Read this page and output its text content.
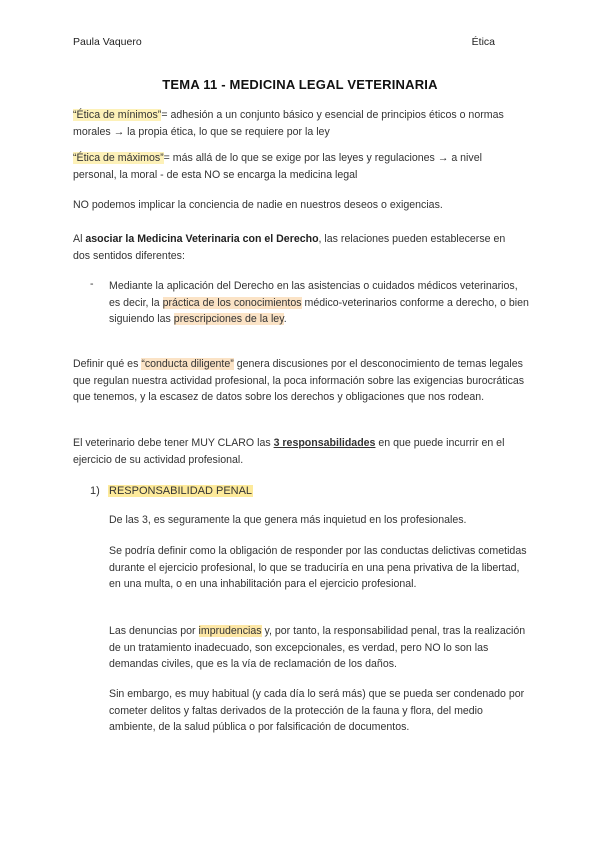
Paula Vaquero	Ética
TEMA 11 - MEDICINA LEGAL VETERINARIA
“Ética de mínimos”= adhesión a un conjunto básico y esencial de principios éticos o normas morales → la propia ética, lo que se requiere por la ley
“Ética de máximos”= más allá de lo que se exige por las leyes y regulaciones → a nivel personal, la moral - de esta NO se encarga la medicina legal
NO podemos implicar la conciencia de nadie en nuestros deseos o exigencias.
Al asociar la Medicina Veterinaria con el Derecho, las relaciones pueden establecerse en dos sentidos diferentes:
- Mediante la aplicación del Derecho en las asistencias o cuidados médicos veterinarios, es decir, la práctica de los conocimientos médico-veterinarios conforme a derecho, o bien siguiendo las prescripciones de la ley.
Definir qué es “conducta diligente” genera discusiones por el desconocimiento de temas legales que regulan nuestra actividad profesional, la poca información sobre las exigencias burocráticas que tenemos, y la escasez de datos sobre los derechos y obligaciones que nos rodean.
El veterinario debe tener MUY CLARO las 3 responsabilidades en que puede incurrir en el ejercicio de su actividad profesional.
1) RESPONSABILIDAD PENAL
De las 3, es seguramente la que genera más inquietud en los profesionales.
Se podría definir como la obligación de responder por las conductas delictivas cometidas durante el ejercicio profesional, lo que se traduciría en una pena privativa de la libertad, en una multa, o en una inhabilitación para el ejercicio profesional.
Las denuncias por imprudencias y, por tanto, la responsabilidad penal, tras la realización de un tratamiento inadecuado, son excepcionales, es verdad, pero NO lo son las demandas civiles, que es la vía de reclamación de los daños.
Sin embargo, es muy habitual (y cada día lo será más) que se pueda ser condenado por cometer delitos y faltas derivados de la protección de la fauna y flora, del medio ambiente, de la salud pública o por falsificación de documentos.
